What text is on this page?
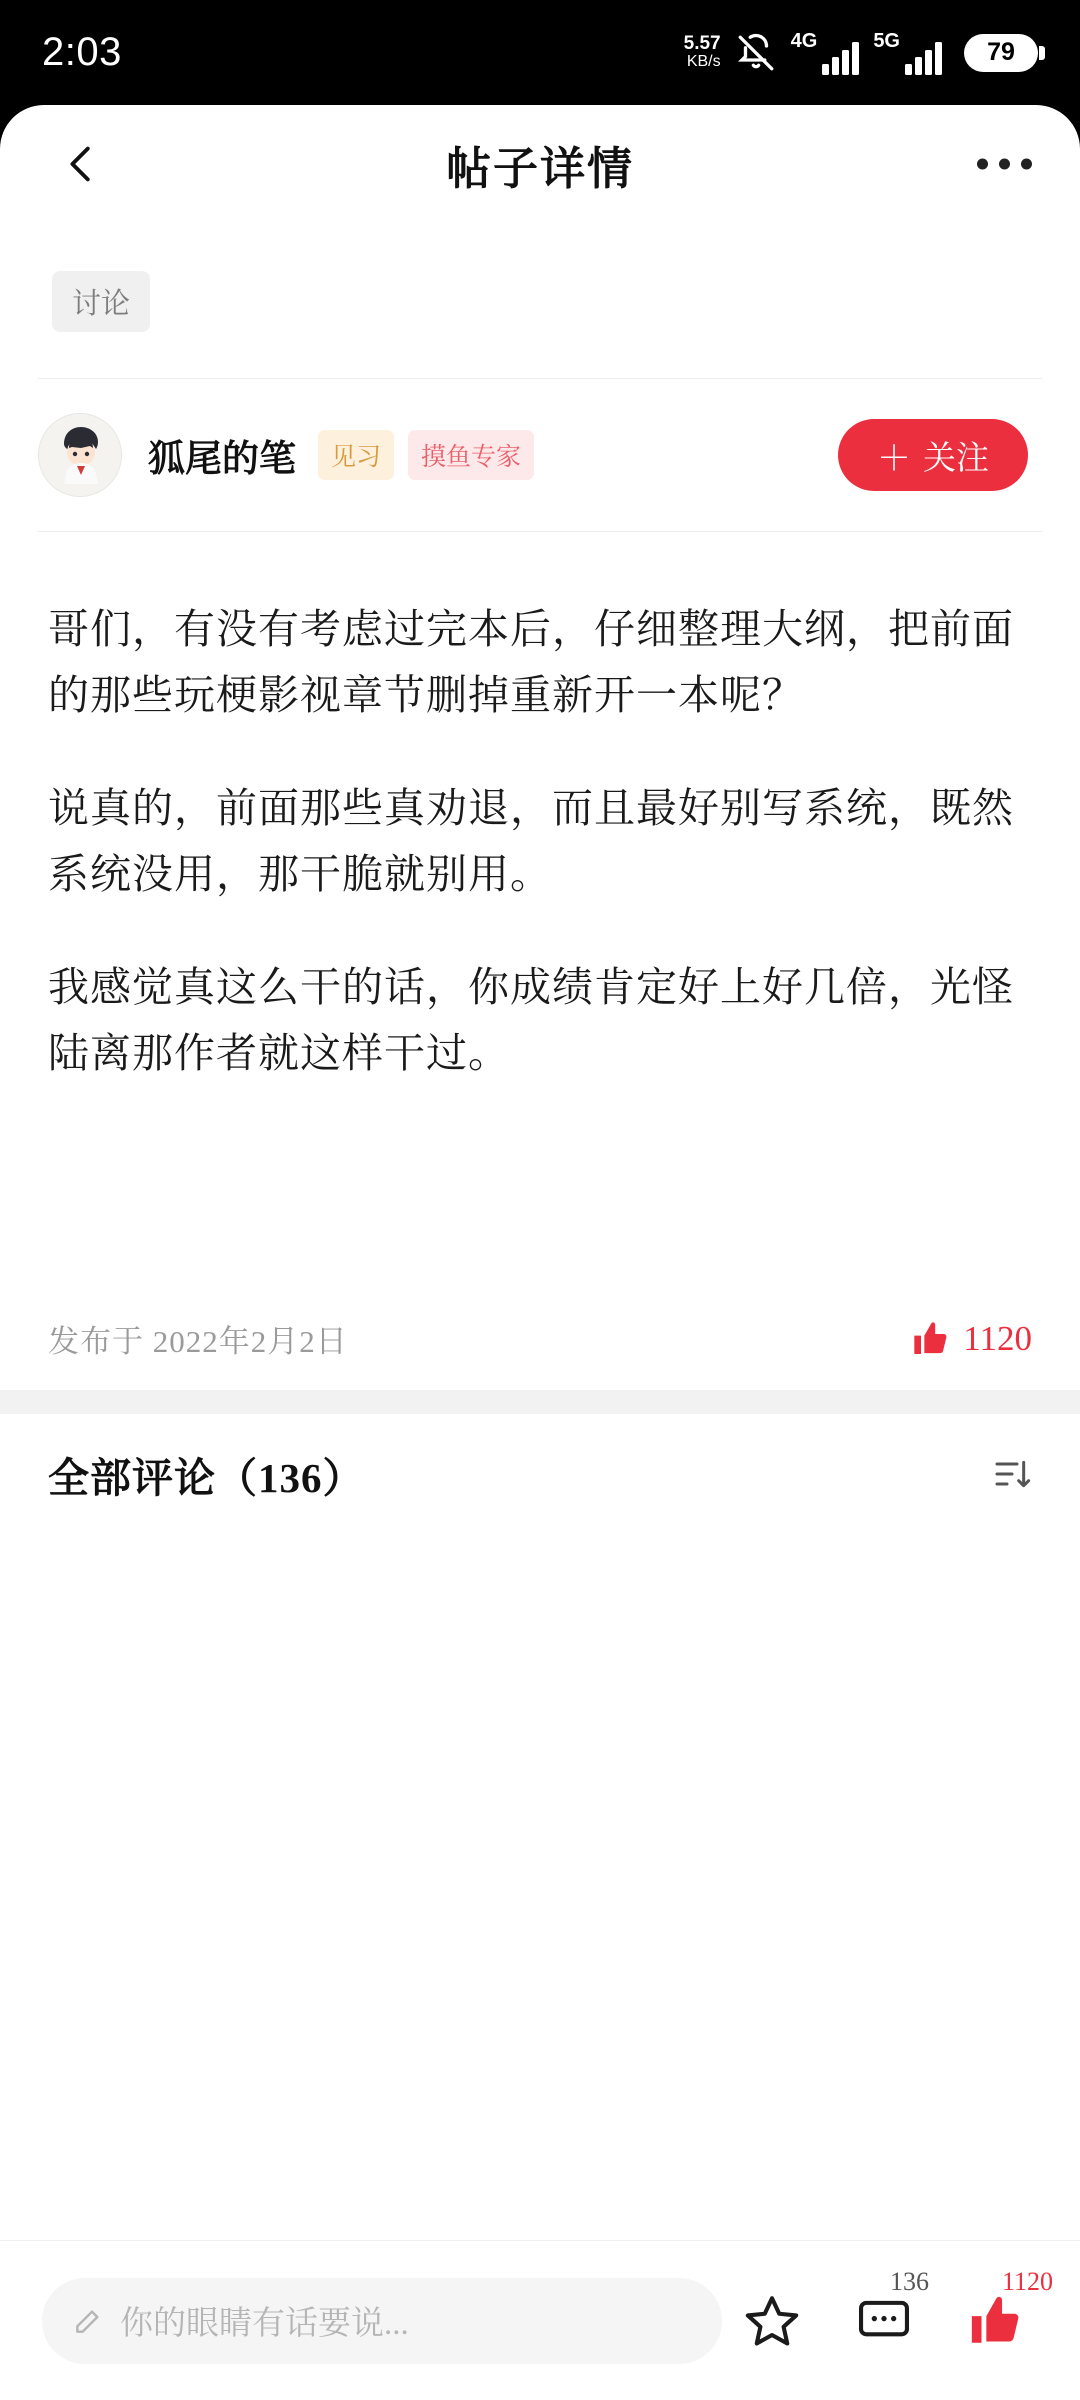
2:03	5.57
KB/s
4G	5G	79
帖子详情
讨论
狐尾的笔	见习	摸鱼专家	＋ 关注

哥们，有没有考虑过完本后，仔细整理大纲，把前面的那些玩梗影视章节删掉重新开一本呢？

说真的，前面那些真劝退，而且最好别写系统，既然系统没用，那干脆就别用。

我感觉真这么干的话，你成绩肯定好上好几倍，光怪陆离那作者就这样干过。

发布于 2022年2月2日	1120
全部评论（136）
你的眼睛有话要说...
136	1120
